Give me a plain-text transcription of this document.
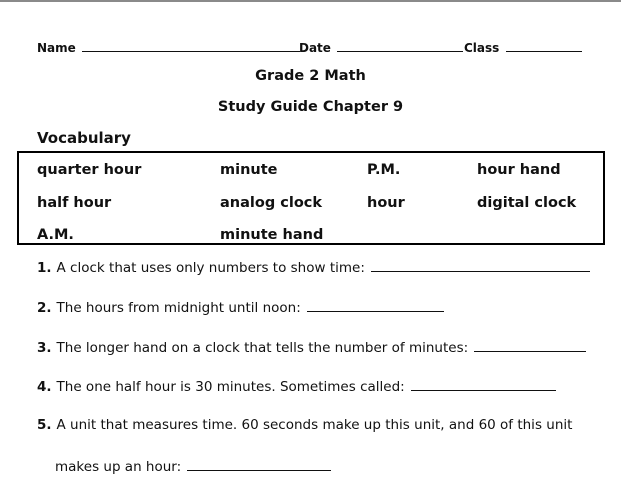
Name	Date	Class
Grade 2 Math
Study Guide Chapter 9
Vocabulary
quarter hour	minute	P.M.	hour hand
half hour	analog clock	hour	digital clock
A.M.	minute hand
1. A clock that uses only numbers to show time:
2. The hours from midnight until noon:
3. The longer hand on a clock that tells the number of minutes:
4. The one half hour is 30 minutes. Sometimes called:
5. A unit that measures time. 60 seconds make up this unit, and 60 of this unit
makes up an hour:
